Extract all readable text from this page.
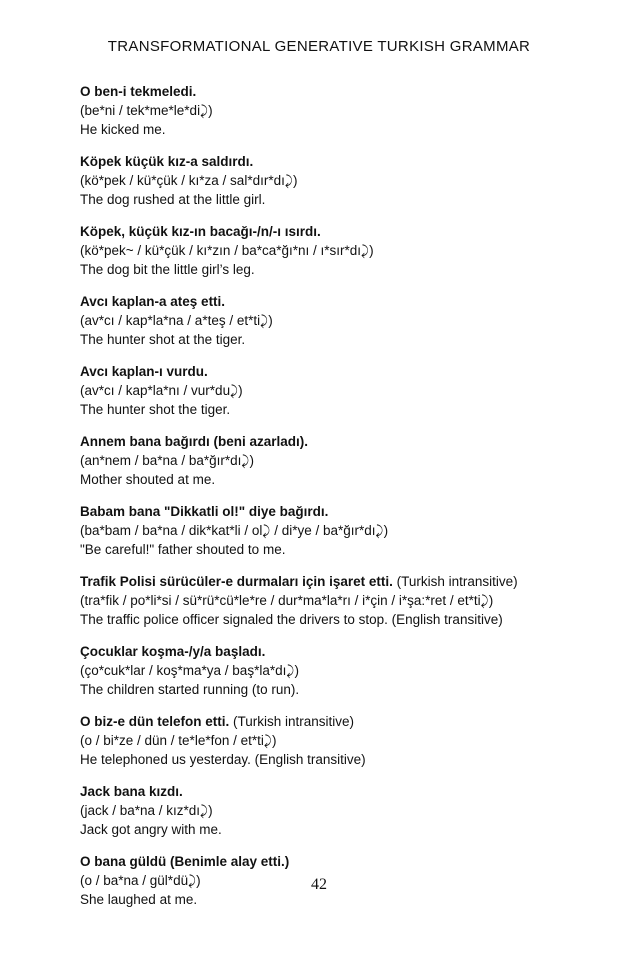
TRANSFORMATIONAL GENERATIVE TURKISH GRAMMAR
O ben-i tekmeledi.
(be*ni / tek*me*le*di⤸)
He kicked me.
Köpek küçük kız-a saldırdı.
(kö*pek / kü*çük / kı*za / sal*dır*dı⤸)
The dog rushed at the little girl.
Köpek, küçük kız-ın bacağı-/n/-ı ısırdı.
(kö*pek~ / kü*çük / kı*zın / ba*ca*ğı*nı / ı*sır*dı⤸)
The dog bit the little girl’s leg.
Avcı kaplan-a ateş etti.
(av*cı / kap*la*na / a*teş / et*ti⤸)
The hunter shot at the tiger.
Avcı kaplan-ı vurdu.
(av*cı / kap*la*nı / vur*du⤸)
The hunter shot the tiger.
Annem bana bağırdı (beni azarladı).
(an*nem / ba*na / ba*ğır*dı⤸)
Mother shouted at me.
Babam bana "Dikkatli ol!" diye bağırdı.
(ba*bam / ba*na / dik*kat*li / ol⤸ / di*ye / ba*ğır*dı⤸)
"Be careful!" father shouted to me.
Trafik Polisi sürücüler-e durmaları için işaret etti. (Turkish intransitive)
(tra*fik / po*li*si / sü*rü*cü*le*re / dur*ma*la*rı / i*çin / i*şa:*ret / et*ti⤸)
The traffic police officer signaled the drivers to stop. (English transitive)
Çocuklar koşma-/y/a başladı.
(ço*cuk*lar / koş*ma*ya / baş*la*dı⤸)
The children started running (to run).
O biz-e dün telefon etti. (Turkish intransitive)
(o / bi*ze / dün / te*le*fon / et*ti⤸)
He telephoned us yesterday. (English transitive)
Jack bana kızdı.
(jack / ba*na / kız*dı⤸)
Jack got angry with me.
O bana güldü (Benimle alay etti.)
(o / ba*na / gül*dü⤸)
She laughed at me.
42
